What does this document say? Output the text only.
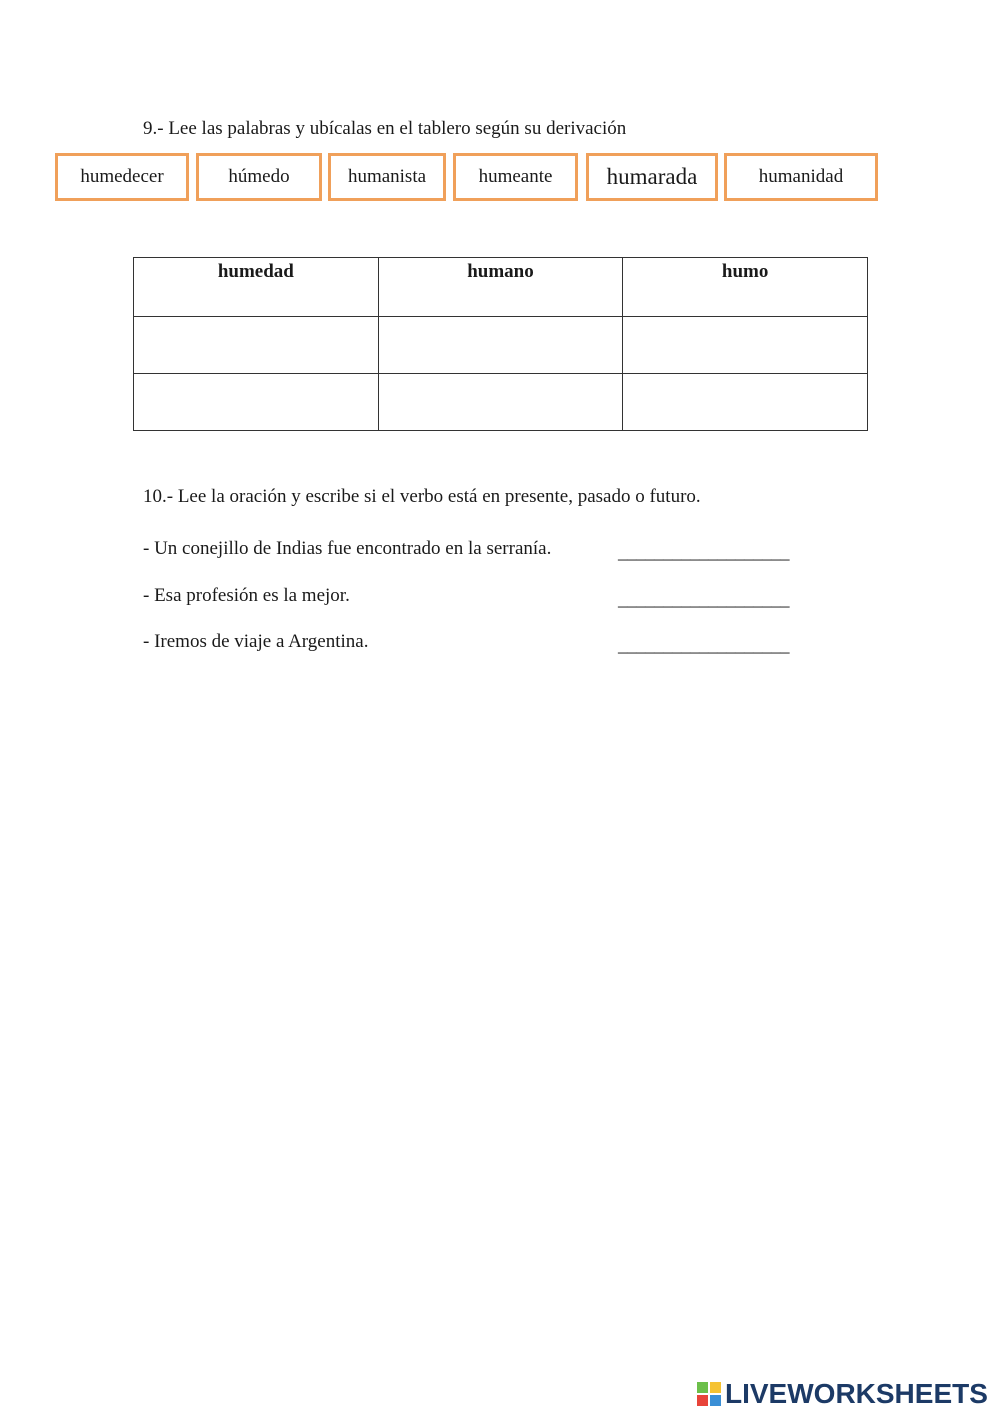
9.- Lee las palabras y ubícalas en el tablero según su derivación
humedecer	húmedo	humanista	humeante	humarada	humanidad
humedad	humano	humo

10.- Lee la oración y escribe si el verbo está en presente, pasado o futuro.
- Un conejillo de Indias fue encontrado en la serranía.	___________________
- Esa profesión es la mejor.	___________________
- Iremos de viaje a Argentina.	___________________
LIVEWORKSHEETS
